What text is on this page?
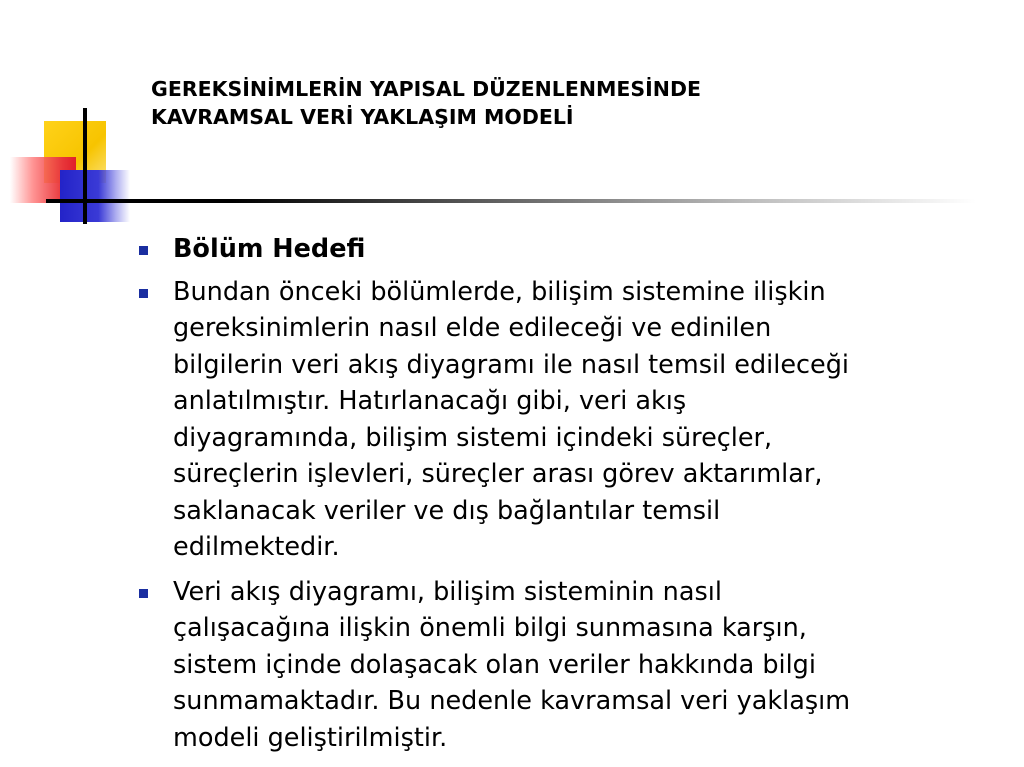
GEREKSİNİMLERİN YAPISAL DÜZENLENMESİNDE
KAVRAMSAL VERİ YAKLAŞIM MODELİ
Bölüm Hedefi
Bundan önceki bölümlerde, bilişim sistemine ilişkin
gereksinimlerin nasıl elde edileceği ve edinilen
bilgilerin veri akış diyagramı ile nasıl temsil edileceği
anlatılmıştır. Hatırlanacağı gibi, veri akış
diyagramında, bilişim sistemi içindeki süreçler,
süreçlerin işlevleri, süreçler arası görev aktarımlar,
saklanacak veriler ve dış bağlantılar temsil
edilmektedir.
Veri akış diyagramı, bilişim sisteminin nasıl
çalışacağına ilişkin önemli bilgi sunmasına karşın,
sistem içinde dolaşacak olan veriler hakkında bilgi
sunmamaktadır. Bu nedenle kavramsal veri yaklaşım
modeli geliştirilmiştir.
